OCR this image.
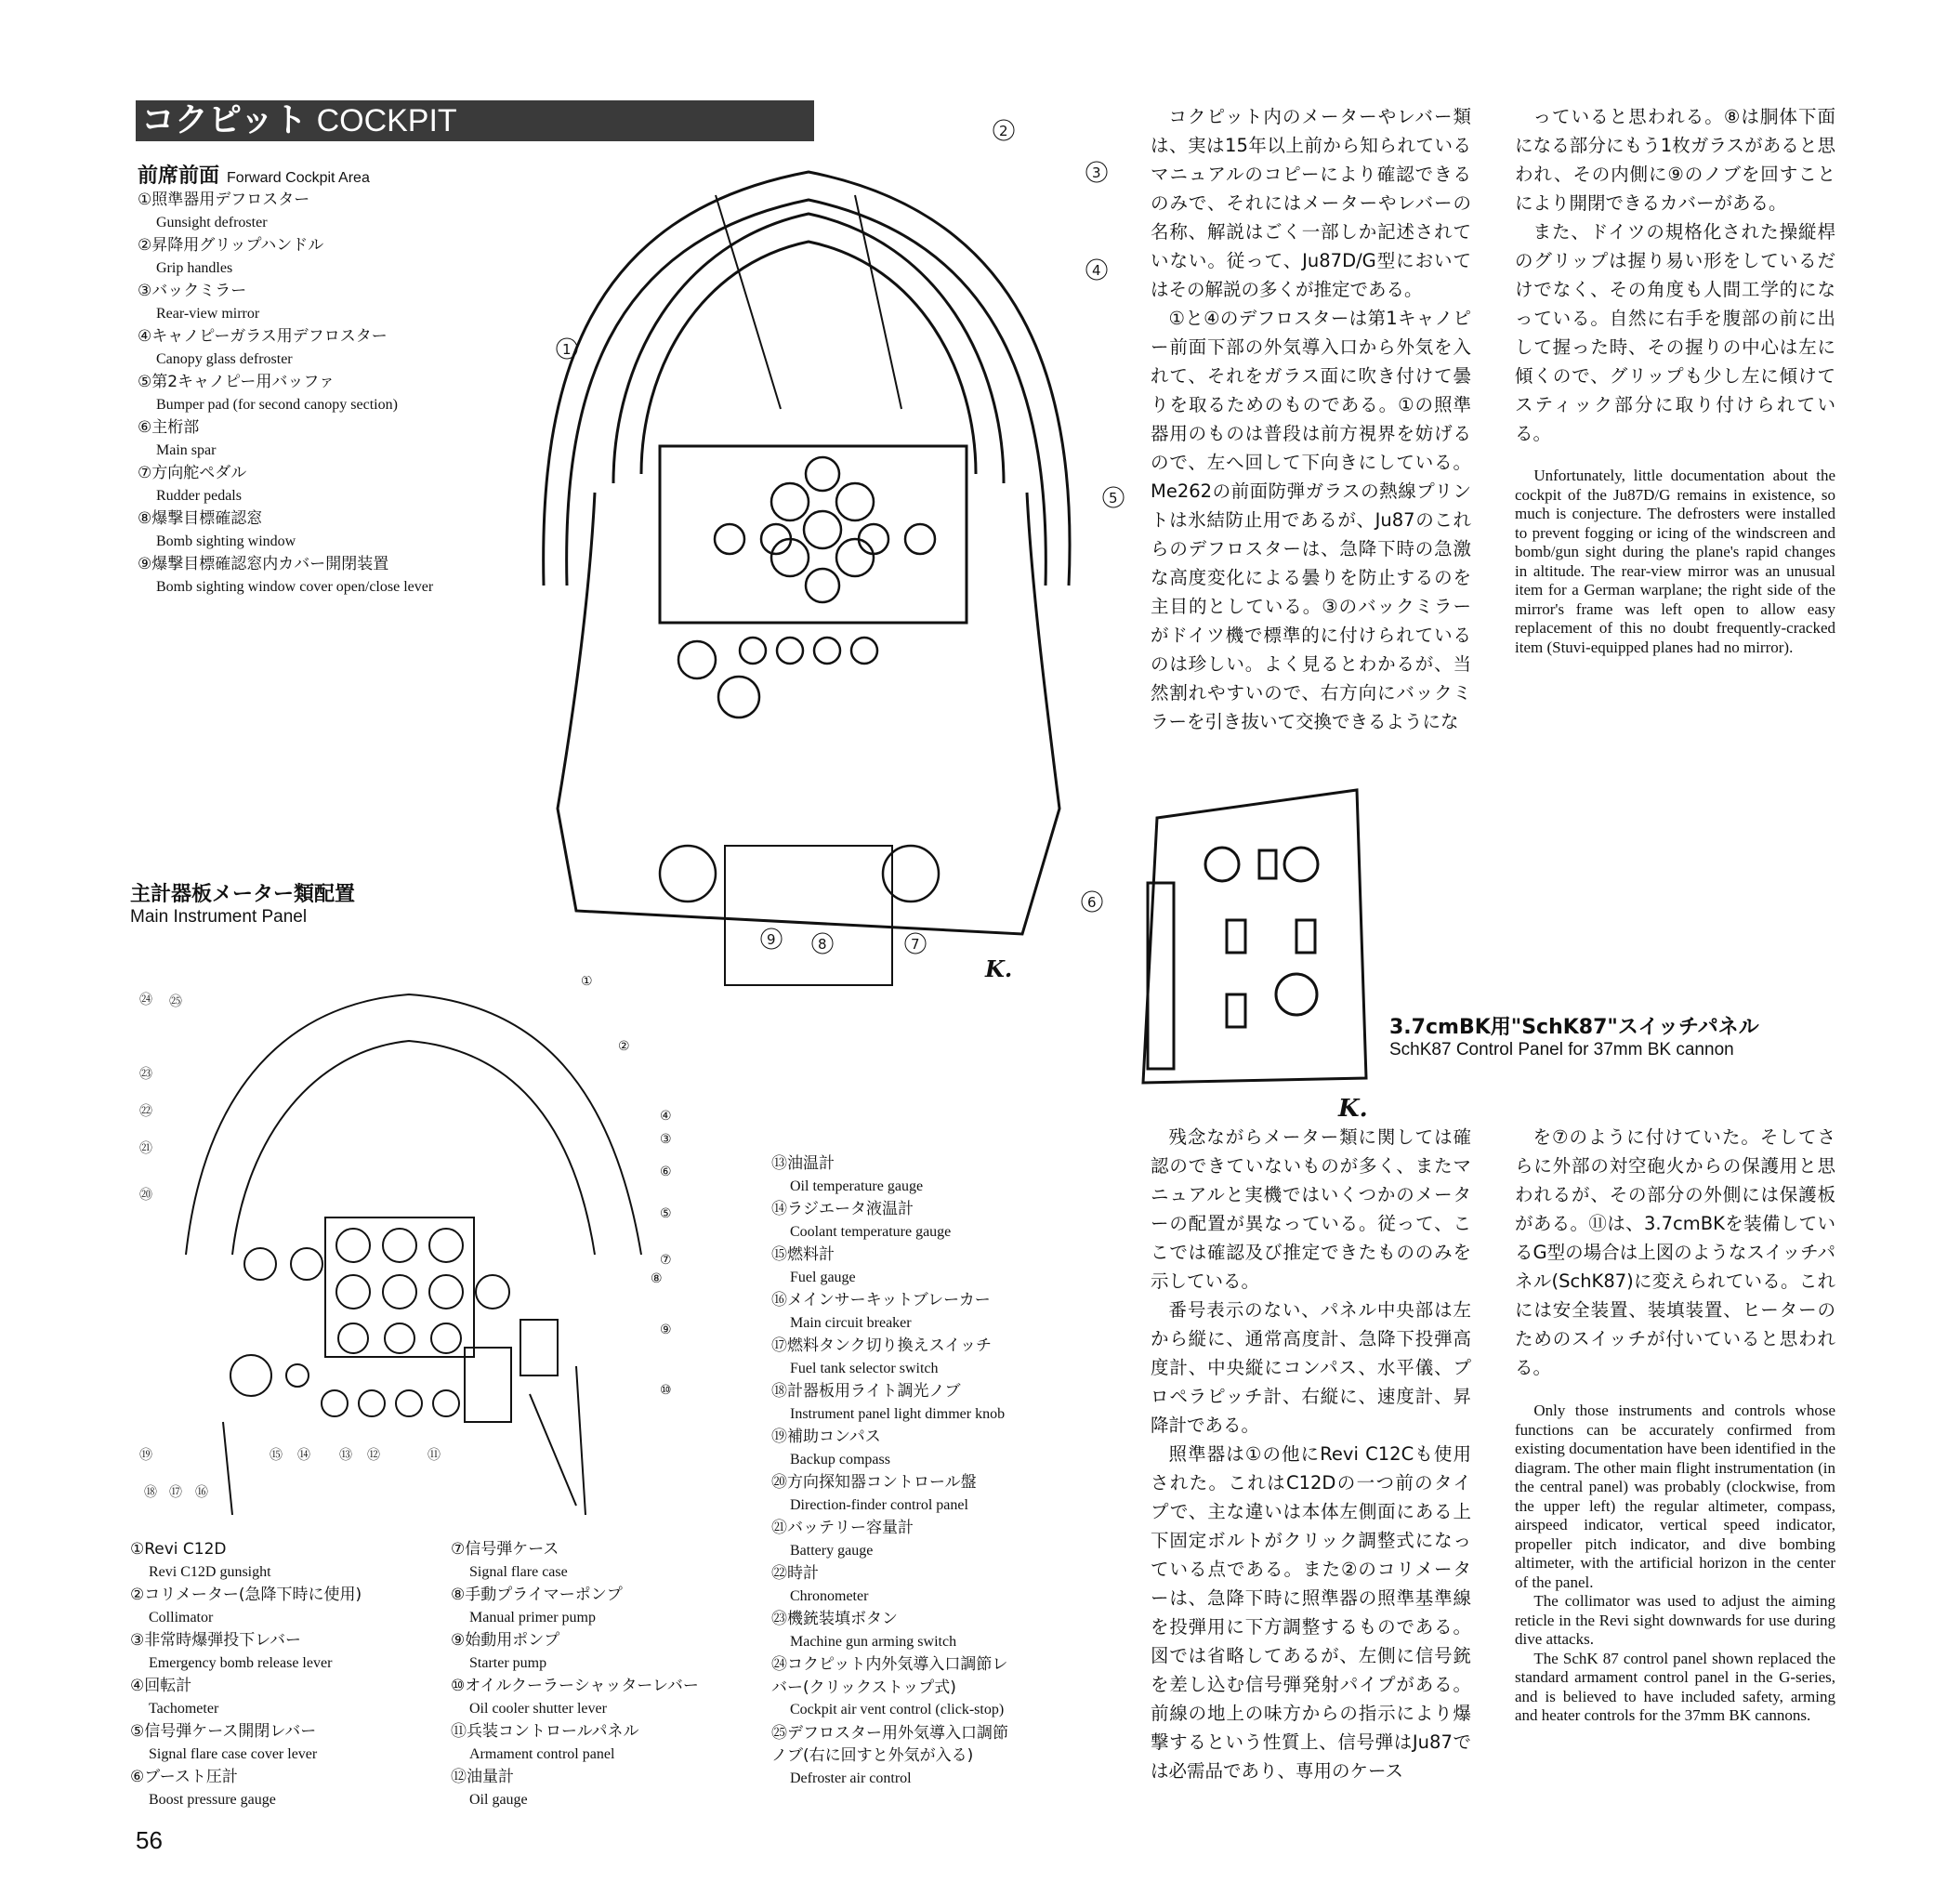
コクピット COCKPIT
前席前面 Forward Cockpit Area
①照準器用デフロスター
Gunsight defroster
②昇降用グリップハンドル
Grip handles
③バックミラー
Rear-view mirror
④キャノピーガラス用デフロスター
Canopy glass defroster
⑤第2キャノピー用バッファ
Bumper pad (for second canopy section)
⑥主桁部
Main spar
⑦方向舵ペダル
Rudder pedals
⑧爆撃目標確認窓
Bomb sighting window
⑨爆撃目標確認窓内カバー開閉装置
Bomb sighting window cover open/close lever
2
3
4
1
5
6
9	8	7
主計器板メーター類配置
Main Instrument Panel
㉔ ㉕
㉓
㉒
㉑
⑳
⑲
⑱ ⑰ ⑯
⑮ ⑭ ⑬ ⑫	⑪
①
②
③
⑥
④
⑤
⑦
⑧
⑨
⑩
①Revi C12D
Revi C12D gunsight
②コリメーター(急降下時に使用)
Collimator
③非常時爆弾投下レバー
Emergency bomb release lever
④回転計
Tachometer
⑤信号弾ケース開閉レバー
Signal flare case cover lever
⑥ブースト圧計
Boost pressure gauge
⑦信号弾ケース
Signal flare case
⑧手動プライマーポンプ
Manual primer pump
⑨始動用ポンプ
Starter pump
⑩オイルクーラーシャッターレバー
Oil cooler shutter lever
⑪兵装コントロールパネル
Armament control panel
⑫油量計
Oil gauge
⑬油温計
Oil temperature gauge
⑭ラジエータ液温計
Coolant temperature gauge
⑮燃料計
Fuel gauge
⑯メインサーキットブレーカー
Main circuit breaker
⑰燃料タンク切り換えスイッチ
Fuel tank selector switch
⑱計器板用ライト調光ノブ
Instrument panel light dimmer knob
⑲補助コンパス
Backup compass
⑳方向探知器コントロール盤
Direction-finder control panel
㉑バッテリー容量計
Battery gauge
㉒時計
Chronometer
㉓機銃装填ボタン
Machine gun arming switch
㉔コクピット内外気導入口調節レバー(クリックストップ式)
Cockpit air vent control (click-stop)
㉕デフロスター用外気導入口調節ノブ(右に回すと外気が入る)
Defroster air control
3.7cmBK用"SchK87"スイッチパネル
SchK87 Control Panel for 37mm BK cannon
K.
K.

コクピット内のメーターやレバー類は、実は15年以上前から知られているマニュアルのコピーにより確認できるのみで、それにはメーターやレバーの名称、解説はごく一部しか記述されていない。従って、Ju87D/G型においてはその解説の多くが推定である。

①と④のデフロスターは第1キャノピー前面下部の外気導入口から外気を入れて、それをガラス面に吹き付けて曇りを取るためのものである。①の照準器用のものは普段は前方視界を妨げるので、左へ回して下向きにしている。Me262の前面防弾ガラスの熱線プリントは氷結防止用であるが、Ju87のこれらのデフロスターは、急降下時の急激な高度変化による曇りを防止するのを主目的としている。③のバックミラーがドイツ機で標準的に付けられているのは珍しい。よく見るとわかるが、当然割れやすいので、右方向にバックミラーを引き抜いて交換できるようにな

っていると思われる。⑧は胴体下面になる部分にもう1枚ガラスがあると思われ、その内側に⑨のノブを回すことにより開閉できるカバーがある。

また、ドイツの規格化された操縦桿のグリップは握り易い形をしているだけでなく、その角度も人間工学的になっている。自然に右手を腹部の前に出して握った時、その握りの中心は左に傾くので、グリップも少し左に傾けてスティック部分に取り付けられている。

Unfortunately, little documentation about the cockpit of the Ju87D/G remains in existence, so much is conjecture. The defrosters were installed to prevent fogging or icing of the windscreen and bomb/gun sight during the plane's rapid changes in altitude. The rear-view mirror was an unusual item for a German warplane; the right side of the mirror's frame was left open to allow easy replacement of this no doubt frequently-cracked item (Stuvi-equipped planes had no mirror).

残念ながらメーター類に関しては確認のできていないものが多く、またマニュアルと実機ではいくつかのメーターの配置が異なっている。従って、ここでは確認及び推定できたもののみを示している。

番号表示のない、パネル中央部は左から縦に、通常高度計、急降下投弾高度計、中央縦にコンパス、水平儀、プロペラピッチ計、右縦に、速度計、昇降計である。

照準器は①の他にRevi C12Cも使用された。これはC12Dの一つ前のタイプで、主な違いは本体左側面にある上下固定ボルトがクリック調整式になっている点である。また②のコリメーターは、急降下時に照準器の照準基準線を投弾用に下方調整するものである。図では省略してあるが、左側に信号銃を差し込む信号弾発射パイプがある。前線の地上の味方からの指示により爆撃するという性質上、信号弾はJu87では必需品であり、専用のケース

を⑦のように付けていた。そしてさらに外部の対空砲火からの保護用と思われるが、その部分の外側には保護板がある。⑪は、3.7cmBKを装備しているG型の場合は上図のようなスイッチパネル(SchK87)に変えられている。これには安全装置、装填装置、ヒーターのためのスイッチが付いていると思われる。

Only those instruments and controls whose functions can be accurately confirmed from existing documentation have been identified in the diagram. The other main flight instrumentation (in the central panel) was probably (clockwise, from the upper left) the regular altimeter, compass, airspeed indicator, vertical speed indicator, propeller pitch indicator, and dive bombing altimeter, with the artificial horizon in the center of the panel.

The collimator was used to adjust the aiming reticle in the Revi sight downwards for use during dive attacks.

The SchK 87 control panel shown replaced the standard armament control panel in the G-series, and is believed to have included safety, arming and heater controls for the 37mm BK cannons.

56
